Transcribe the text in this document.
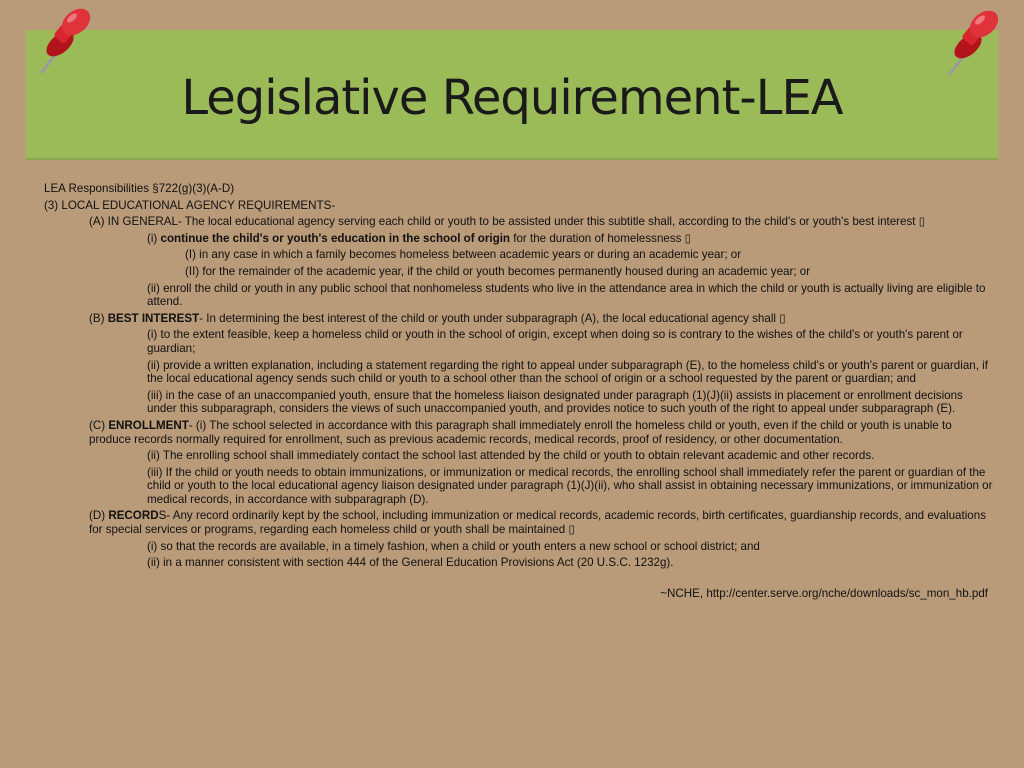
Legislative Requirement-LEA

LEA Responsibilities §722(g)(3)(A-D)

(3) LOCAL EDUCATIONAL AGENCY REQUIREMENTS-

(A) IN GENERAL- The local educational agency serving each child or youth to be assisted under this subtitle shall, according to the child's or youth's best interest ▯

(i) continue the child's or youth's education in the school of origin for the duration of homelessness ▯

(I) in any case in which a family becomes homeless between academic years or during an academic year; or

(II) for the remainder of the academic year, if the child or youth becomes permanently housed during an academic year; or

(ii) enroll the child or youth in any public school that nonhomeless students who live in the attendance area in which the child or youth is actually living are eligible to attend.

(B) BEST INTEREST- In determining the best interest of the child or youth under subparagraph (A), the local educational agency shall ▯

(i) to the extent feasible, keep a homeless child or youth in the school of origin, except when doing so is contrary to the wishes of the child's or youth's parent or guardian;

(ii) provide a written explanation, including a statement regarding the right to appeal under subparagraph (E), to the homeless child's or youth's parent or guardian, if the local educational agency sends such child or youth to a school other than the school of origin or a school requested by the parent or guardian; and

(iii) in the case of an unaccompanied youth, ensure that the homeless liaison designated under paragraph (1)(J)(ii) assists in placement or enrollment decisions under this subparagraph, considers the views of such unaccompanied youth, and provides notice to such youth of the right to appeal under subparagraph (E).

(C) ENROLLMENT- (i) The school selected in accordance with this paragraph shall immediately enroll the homeless child or youth, even if the child or youth is unable to produce records normally required for enrollment, such as previous academic records, medical records, proof of residency, or other documentation.

(ii) The enrolling school shall immediately contact the school last attended by the child or youth to obtain relevant academic and other records.

(iii) If the child or youth needs to obtain immunizations, or immunization or medical records, the enrolling school shall immediately refer the parent or guardian of the child or youth to the local educational agency liaison designated under paragraph (1)(J)(ii), who shall assist in obtaining necessary immunizations, or immunization or medical records, in accordance with subparagraph (D).

(D) RECORDS- Any record ordinarily kept by the school, including immunization or medical records, academic records, birth certificates, guardianship records, and evaluations for special services or programs, regarding each homeless child or youth shall be maintained ▯

(i) so that the records are available, in a timely fashion, when a child or youth enters a new school or school district; and

(ii) in a manner consistent with section 444 of the General Education Provisions Act (20 U.S.C. 1232g).

~NCHE, http://center.serve.org/nche/downloads/sc_mon_hb.pdf
